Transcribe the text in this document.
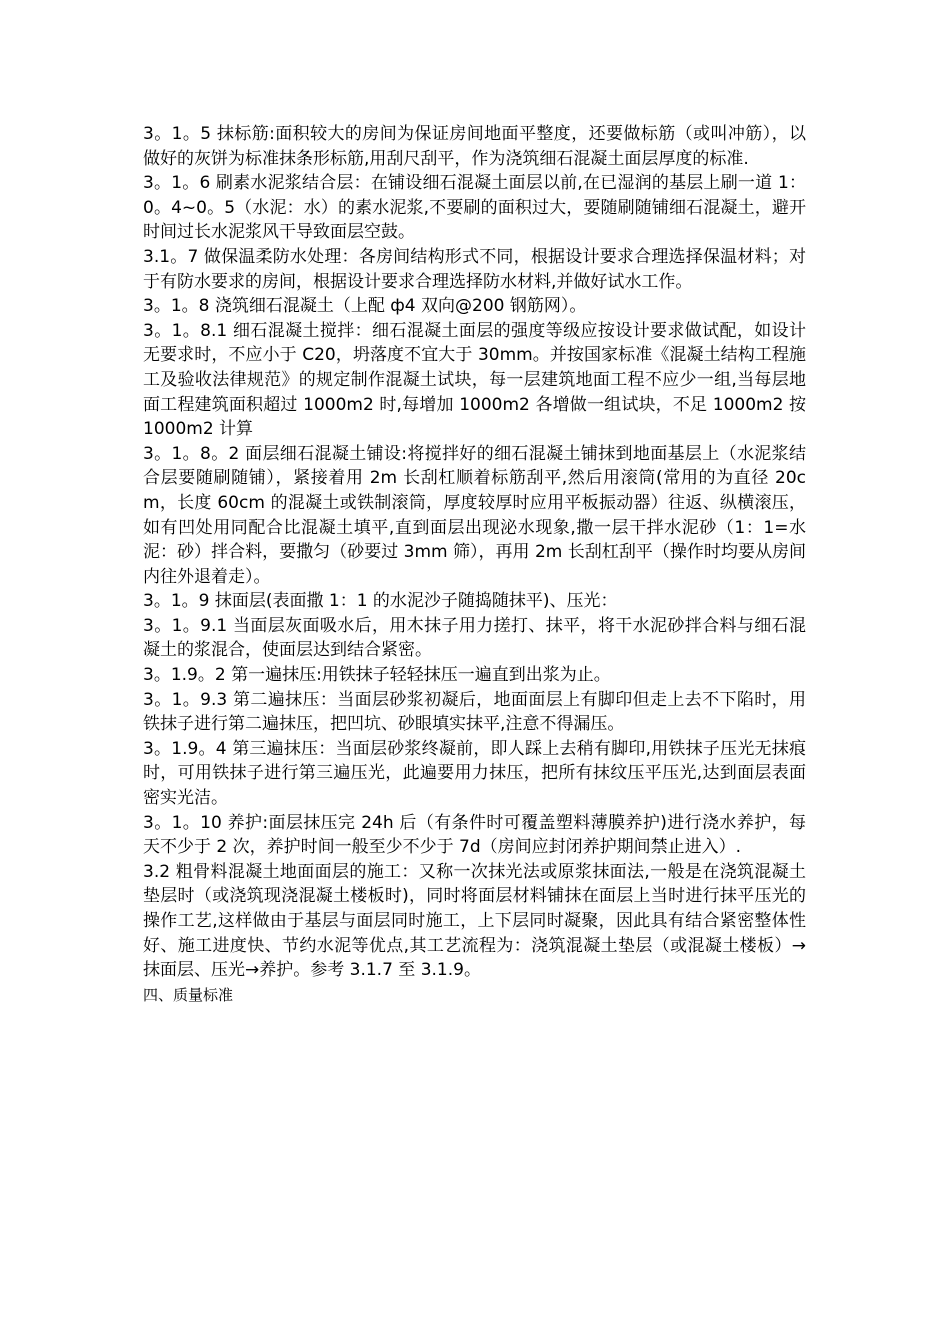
3。1。5 抹标筋:面积较大的房间为保证房间地面平整度，还要做标筋（或叫冲筋），以做好的灰饼为标准抹条形标筋,用刮尺刮平，作为浇筑细石混凝土面层厚度的标准.

3。1。6 刷素水泥浆结合层：在铺设细石混凝土面层以前,在已湿润的基层上刷一道 1：0。4~0。5（水泥：水）的素水泥浆,不要刷的面积过大，要随刷随铺细石混凝土，避开时间过长水泥浆风干导致面层空鼓。

3.1。7 做保温柔防水处理：各房间结构形式不同，根据设计要求合理选择保温材料；对于有防水要求的房间，根据设计要求合理选择防水材料,并做好试水工作。

3。1。8 浇筑细石混凝土（上配 ф4 双向@200 钢筋网）。

3。1。8.1 细石混凝土搅拌：细石混凝土面层的强度等级应按设计要求做试配，如设计无要求时，不应小于 C20，坍落度不宜大于 30mm。并按国家标准《混凝土结构工程施工及验收法律规范》的规定制作混凝土试块，每一层建筑地面工程不应少一组,当每层地面工程建筑面积超过 1000m2 时,每增加 1000m2 各增做一组试块，不足 1000m2 按 1000m2 计算

3。1。8。2 面层细石混凝土铺设:将搅拌好的细石混凝土铺抹到地面基层上（水泥浆结合层要随刷随铺），紧接着用 2m 长刮杠顺着标筋刮平,然后用滚筒(常用的为直径 20cm，长度 60cm 的混凝土或铁制滚筒，厚度较厚时应用平板振动器）往返、纵横滚压，如有凹处用同配合比混凝土填平,直到面层出现泌水现象,撒一层干拌水泥砂（1：1=水泥：砂）拌合料，要撒匀（砂要过 3mm 筛），再用 2m 长刮杠刮平（操作时均要从房间内往外退着走）。

3。1。9 抹面层(表面撒 1：1 的水泥沙子随捣随抹平)、压光：

3。1。9.1 当面层灰面吸水后，用木抹子用力搓打、抹平，将干水泥砂拌合料与细石混凝土的浆混合，使面层达到结合紧密。

3。1.9。2 第一遍抹压:用铁抹子轻轻抹压一遍直到出浆为止。

3。1。9.3 第二遍抹压：当面层砂浆初凝后，地面面层上有脚印但走上去不下陷时，用铁抹子进行第二遍抹压，把凹坑、砂眼填实抹平,注意不得漏压。

3。1.9。4 第三遍抹压：当面层砂浆终凝前，即人踩上去稍有脚印,用铁抹子压光无抹痕时，可用铁抹子进行第三遍压光，此遍要用力抹压，把所有抹纹压平压光,达到面层表面密实光洁。

3。1。10 养护:面层抹压完 24h 后（有条件时可覆盖塑料薄膜养护)进行浇水养护，每天不少于 2 次，养护时间一般至少不少于 7d（房间应封闭养护期间禁止进入）.

3.2 粗骨料混凝土地面面层的施工：又称一次抹光法或原浆抹面法,一般是在浇筑混凝土垫层时（或浇筑现浇混凝土楼板时)，同时将面层材料铺抹在面层上当时进行抹平压光的操作工艺,这样做由于基层与面层同时施工，上下层同时凝聚，因此具有结合紧密整体性好、施工进度快、节约水泥等优点,其工艺流程为：浇筑混凝土垫层（或混凝土楼板）→抹面层、压光→养护。参考 3.1.7 至 3.1.9。

四、质量标准
